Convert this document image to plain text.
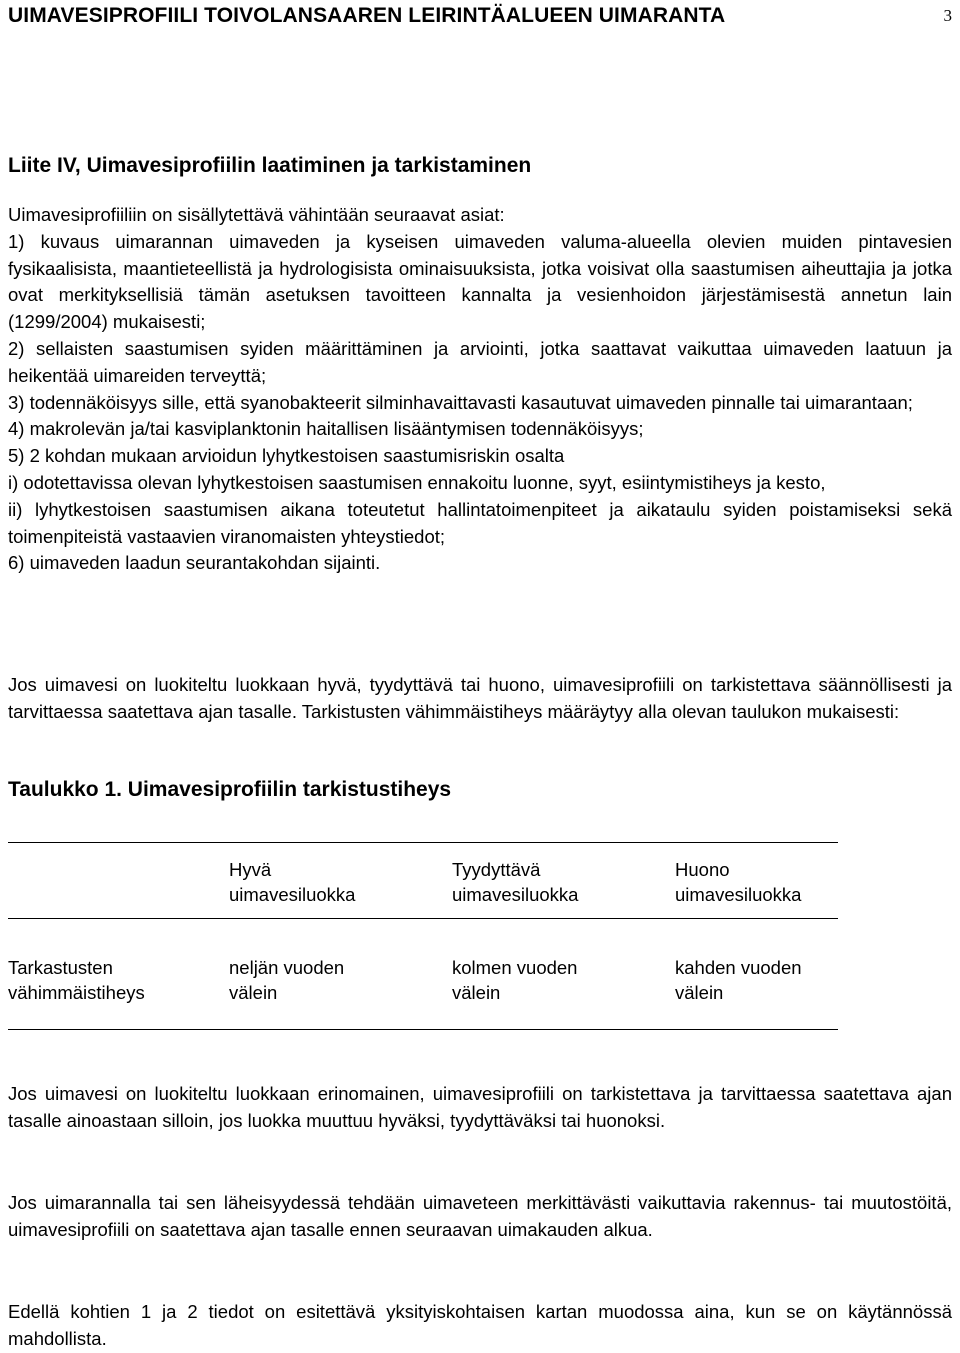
UIMAVESIPROFIILI TOIVOLANSAAREN LEIRINTÄALUEEN UIMARANTA	3
Liite IV, Uimavesiprofiilin laatiminen ja tarkistaminen

Uimavesiprofiiliin on sisällytettävä vähintään seuraavat asiat:

1) kuvaus uimarannan uimaveden ja kyseisen uimaveden valuma-alueella olevien muiden pintavesien fysikaalisista, maantieteellistä ja hydrologisista ominaisuuksista, jotka voisivat olla saastumisen aiheuttajia ja jotka ovat merkityksellisiä tämän asetuksen tavoitteen kannalta ja vesienhoidon järjestämisestä annetun lain (1299/2004) mukaisesti;

2) sellaisten saastumisen syiden määrittäminen ja arviointi, jotka saattavat vaikuttaa uimaveden laatuun ja heikentää uimareiden terveyttä;

3) todennäköisyys sille, että syanobakteerit silminhavaittavasti kasautuvat uimaveden pinnalle tai uimarantaan;

4) makrolevän ja/tai kasviplanktonin haitallisen lisääntymisen todennäköisyys;

5) 2 kohdan mukaan arvioidun lyhytkestoisen saastumisriskin osalta

i) odotettavissa olevan lyhytkestoisen saastumisen ennakoitu luonne, syyt, esiintymistiheys ja kesto,

ii) lyhytkestoisen saastumisen aikana toteutetut hallintatoimenpiteet ja aikataulu syiden poistamiseksi sekä toimenpiteistä vastaavien viranomaisten yhteystiedot;

6) uimaveden laadun seurantakohdan sijainti.

Jos uimavesi on luokiteltu luokkaan hyvä, tyydyttävä tai huono, uimavesiprofiili on tarkistettava säännöllisesti ja tarvittaessa saatettava ajan tasalle. Tarkistusten vähimmäistiheys määräytyy alla olevan taulukon mukaisesti:
Taulukko 1. Uimavesiprofiilin tarkistustiheys
Hyvä
uimavesiluokka
Tyydyttävä
uimavesiluokka
Huono
uimavesiluokka
Tarkastusten
vähimmäistiheys
neljän vuoden
välein
kolmen vuoden
välein
kahden vuoden
välein
Jos uimavesi on luokiteltu luokkaan erinomainen, uimavesiprofiili on tarkistettava ja tarvittaessa saatettava ajan tasalle ainoastaan silloin, jos luokka muuttuu hyväksi, tyydyttäväksi tai huonoksi.
Jos uimarannalla tai sen läheisyydessä tehdään uimaveteen merkittävästi vaikuttavia rakennus- tai muutostöitä, uimavesiprofiili on saatettava ajan tasalle ennen seuraavan uimakauden alkua.
Edellä kohtien 1 ja 2 tiedot on esitettävä yksityiskohtaisen kartan muodossa aina, kun se on käytännössä mahdollista.
